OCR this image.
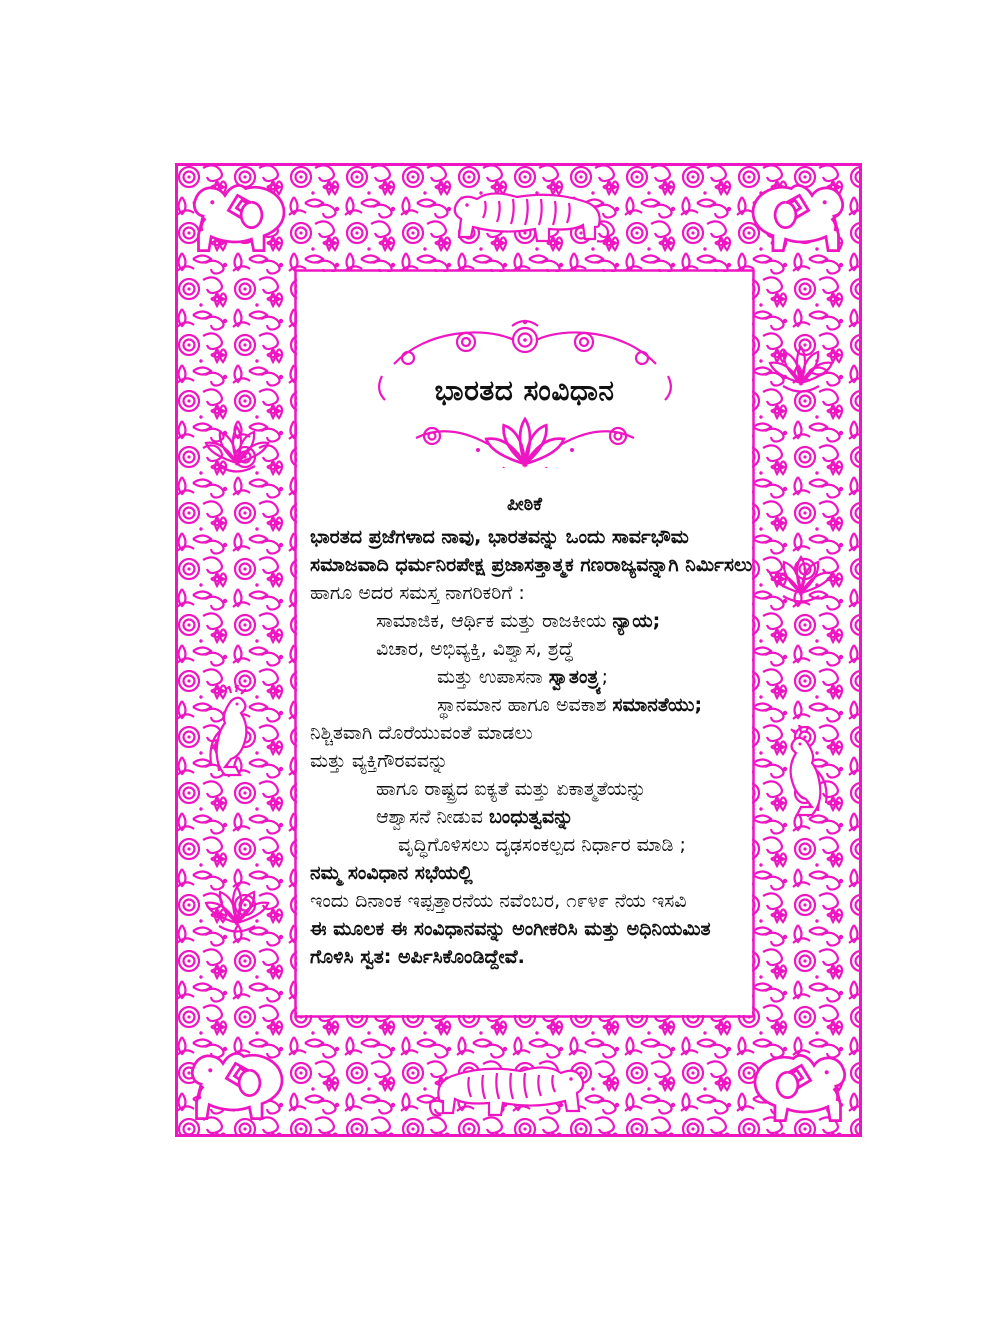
ಭಾರತದ ಸಂವಿಧಾನ
ಪೀಠಿಕೆ
ಭಾರತದ ಪ್ರಜೆಗಳಾದ ನಾವು, ಭಾರತವನ್ನು ಒಂದು ಸಾರ್ವಭೌಮ
ಸಮಾಜವಾದಿ ಧರ್ಮನಿರಪೇಕ್ಷ ಪ್ರಜಾಸತ್ತಾತ್ಮಕ ಗಣರಾಜ್ಯವನ್ನಾಗಿ ನಿರ್ಮಿಸಲು
ಹಾಗೂ ಅದರ ಸಮಸ್ತ ನಾಗರಿಕರಿಗೆ :
ಸಾಮಾಜಿಕ, ಆರ್ಥಿಕ ಮತ್ತು ರಾಜಕೀಯ ನ್ಯಾಯ;
ವಿಚಾರ, ಅಭಿವ್ಯಕ್ತಿ, ವಿಶ್ವಾಸ, ಶ್ರದ್ಧೆ
ಮತ್ತು ಉಪಾಸನಾ ಸ್ವಾತಂತ್ರ್ಯ;
ಸ್ಥಾನಮಾನ ಹಾಗೂ ಅವಕಾಶ ಸಮಾನತೆಯು;
ನಿಶ್ಚಿತವಾಗಿ ದೊರೆಯುವಂತೆ ಮಾಡಲು
ಮತ್ತು ವ್ಯಕ್ತಿಗೌರವವನ್ನು
ಹಾಗೂ ರಾಷ್ಟ್ರದ ಐಕ್ಯತೆ ಮತ್ತು ಏಕಾತ್ಮತೆಯನ್ನು
ಆಶ್ವಾಸನೆ ನೀಡುವ ಬಂಧುತ್ವವನ್ನು
ವೃದ್ಧಿಗೊಳಿಸಲು ದೃಢಸಂಕಲ್ಪದ ನಿರ್ಧಾರ ಮಾಡಿ ;
ನಮ್ಮ ಸಂವಿಧಾನ ಸಭೆಯಲ್ಲಿ
ಇಂದು ದಿನಾಂಕ ಇಪ್ಪತ್ತಾರನೆಯ ನವೆಂಬರ, ೧೯೪೯ ನೆಯ ಇಸವಿ
ಈ ಮೂಲಕ ಈ ಸಂವಿಧಾನವನ್ನು ಅಂಗೀಕರಿಸಿ ಮತ್ತು ಅಧಿನಿಯಮಿತ
ಗೊಳಿಸಿ ಸ್ವತ: ಅರ್ಪಿಸಿಕೊಂಡಿದ್ದೇವೆ.
